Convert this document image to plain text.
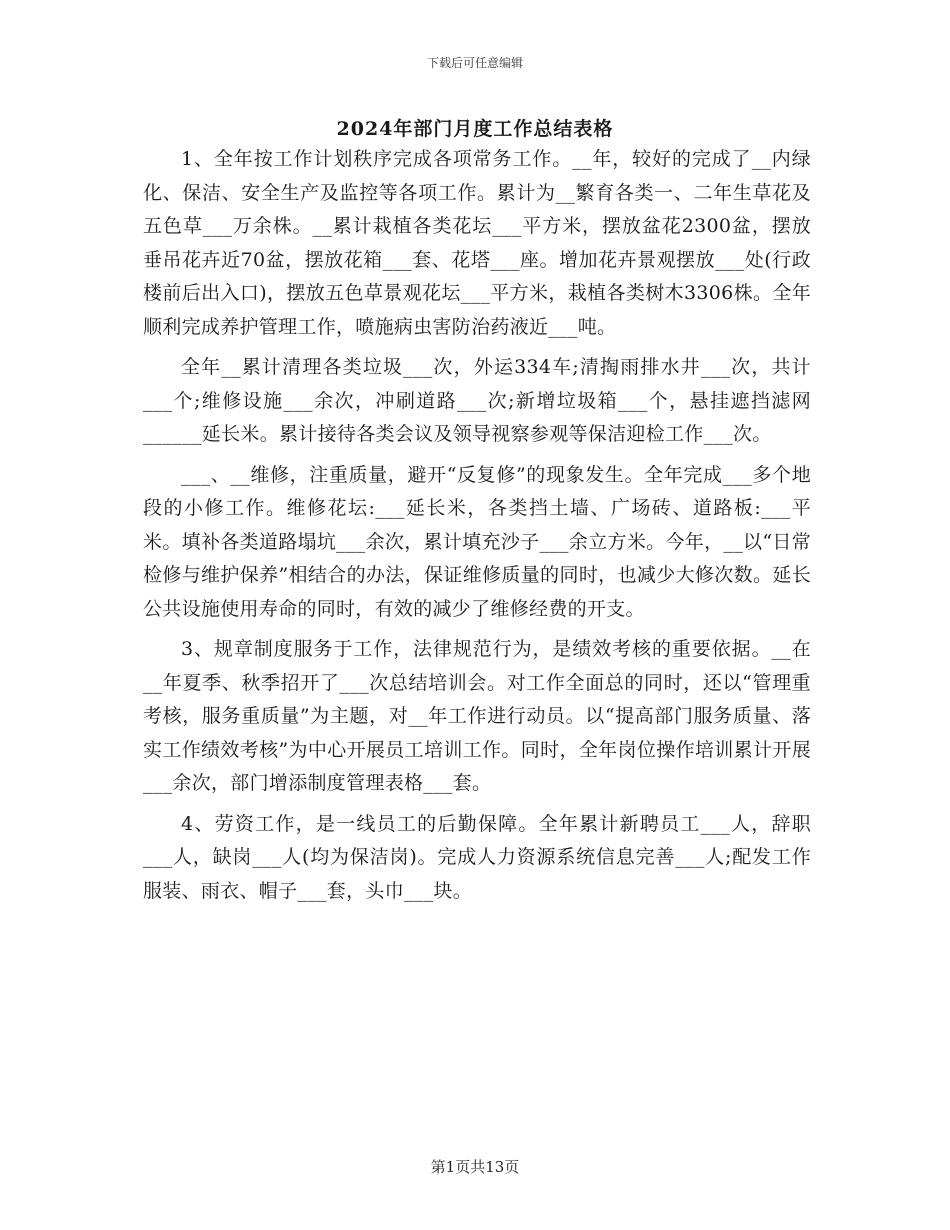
下载后可任意编辑
2024年部门月度工作总结表格

1、全年按工作计划秩序完成各项常务工作。__年，较好的完成了__内绿化、保洁、安全生产及监控等各项工作。累计为__繁育各类一、二年生草花及五色草___万余株。__累计栽植各类花坛___平方米，摆放盆花2300盆，摆放垂吊花卉近70盆，摆放花箱___套、花塔___座。增加花卉景观摆放___处(行政楼前后出入口)，摆放五色草景观花坛___平方米，栽植各类树木3306株。全年顺利完成养护管理工作，喷施病虫害防治药液近___吨。

全年__累计清理各类垃圾___次，外运334车;清掏雨排水井___次，共计___个;维修设施___余次，冲刷道路___次;新增垃圾箱___个，悬挂遮挡滤网______延长米。累计接待各类会议及领导视察参观等保洁迎检工作___次。

___、__维修，注重质量，避开“反复修”的现象发生。全年完成___多个地段的小修工作。维修花坛:___延长米，各类挡土墙、广场砖、道路板:___平米。填补各类道路塌坑___余次，累计填充沙子___余立方米。今年，__以“日常检修与维护保养”相结合的办法，保证维修质量的同时，也减少大修次数。延长公共设施使用寿命的同时，有效的减少了维修经费的开支。

3、规章制度服务于工作，法律规范行为，是绩效考核的重要依据。__在__年夏季、秋季招开了___次总结培训会。对工作全面总的同时，还以“管理重考核，服务重质量”为主题，对__年工作进行动员。以“提高部门服务质量、落实工作绩效考核”为中心开展员工培训工作。同时，全年岗位操作培训累计开展___余次，部门增添制度管理表格___套。

4、劳资工作，是一线员工的后勤保障。全年累计新聘员工___人，辞职___人，缺岗___人(均为保洁岗)。完成人力资源系统信息完善___人;配发工作服装、雨衣、帽子___套，头巾___块。

第1页共13页
